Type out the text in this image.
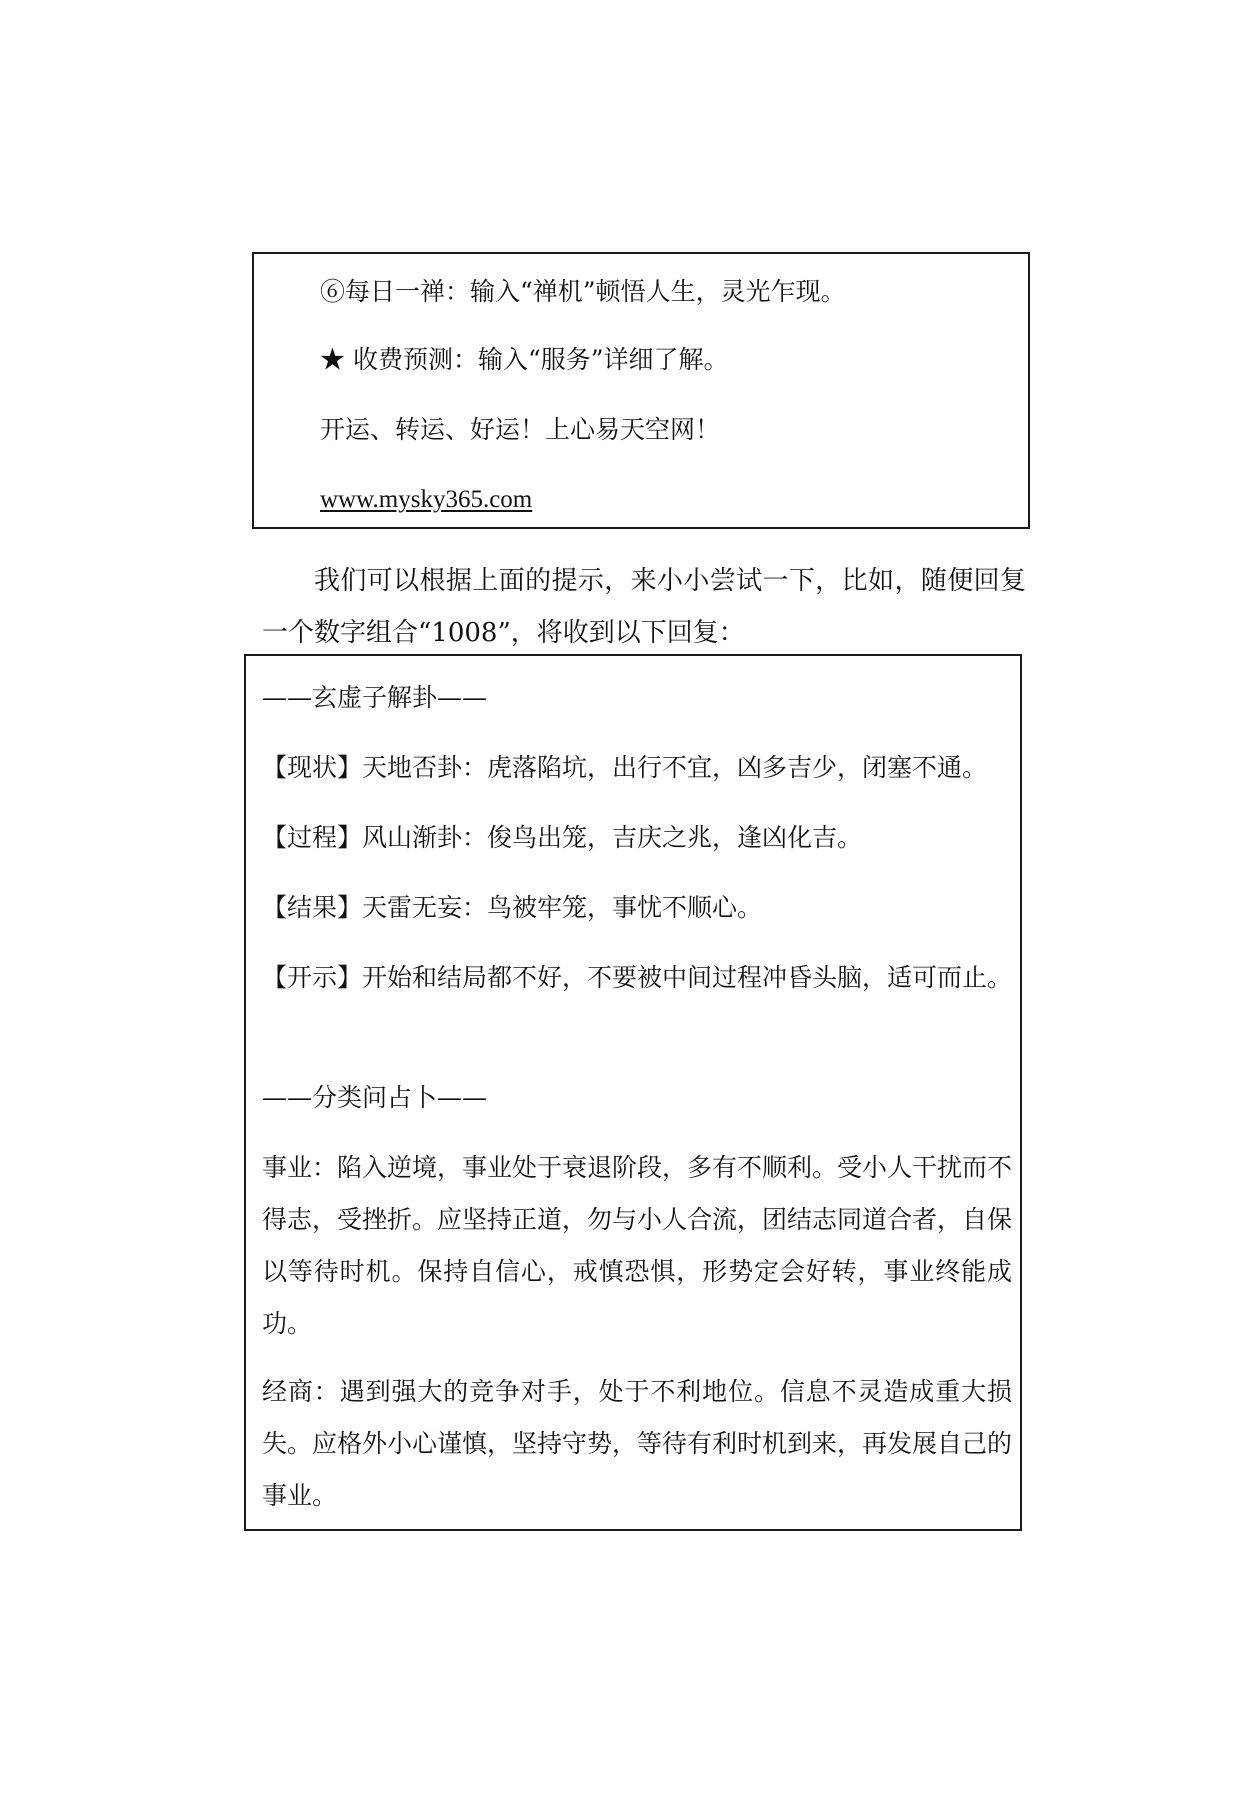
⑥每日一禅：输入“禅机”顿悟人生，灵光乍现。
★ 收费预测：输入“服务”详细了解。
开运、转运、好运！上心易天空网！
www.mysky365.com

我们可以根据上面的提示，来小小尝试一下，比如，随便回复一个数字组合“1008”，将收到以下回复：

——玄虚子解卦——
【现状】天地否卦：虎落陷坑，出行不宜，凶多吉少，闭塞不通。
【过程】风山渐卦：俊鸟出笼，吉庆之兆，逢凶化吉。
【结果】天雷无妄：鸟被牢笼，事忧不顺心。
【开示】开始和结局都不好，不要被中间过程冲昏头脑，适可而止。
——分类问占卜——
事业：陷入逆境，事业处于衰退阶段，多有不顺利。受小人干扰而不得志，受挫折。应坚持正道，勿与小人合流，团结志同道合者，自保以等待时机。保持自信心，戒慎恐惧，形势定会好转，事业终能成功。
经商：遇到强大的竞争对手，处于不利地位。信息不灵造成重大损失。应格外小心谨慎，坚持守势，等待有利时机到来，再发展自己的事业。
